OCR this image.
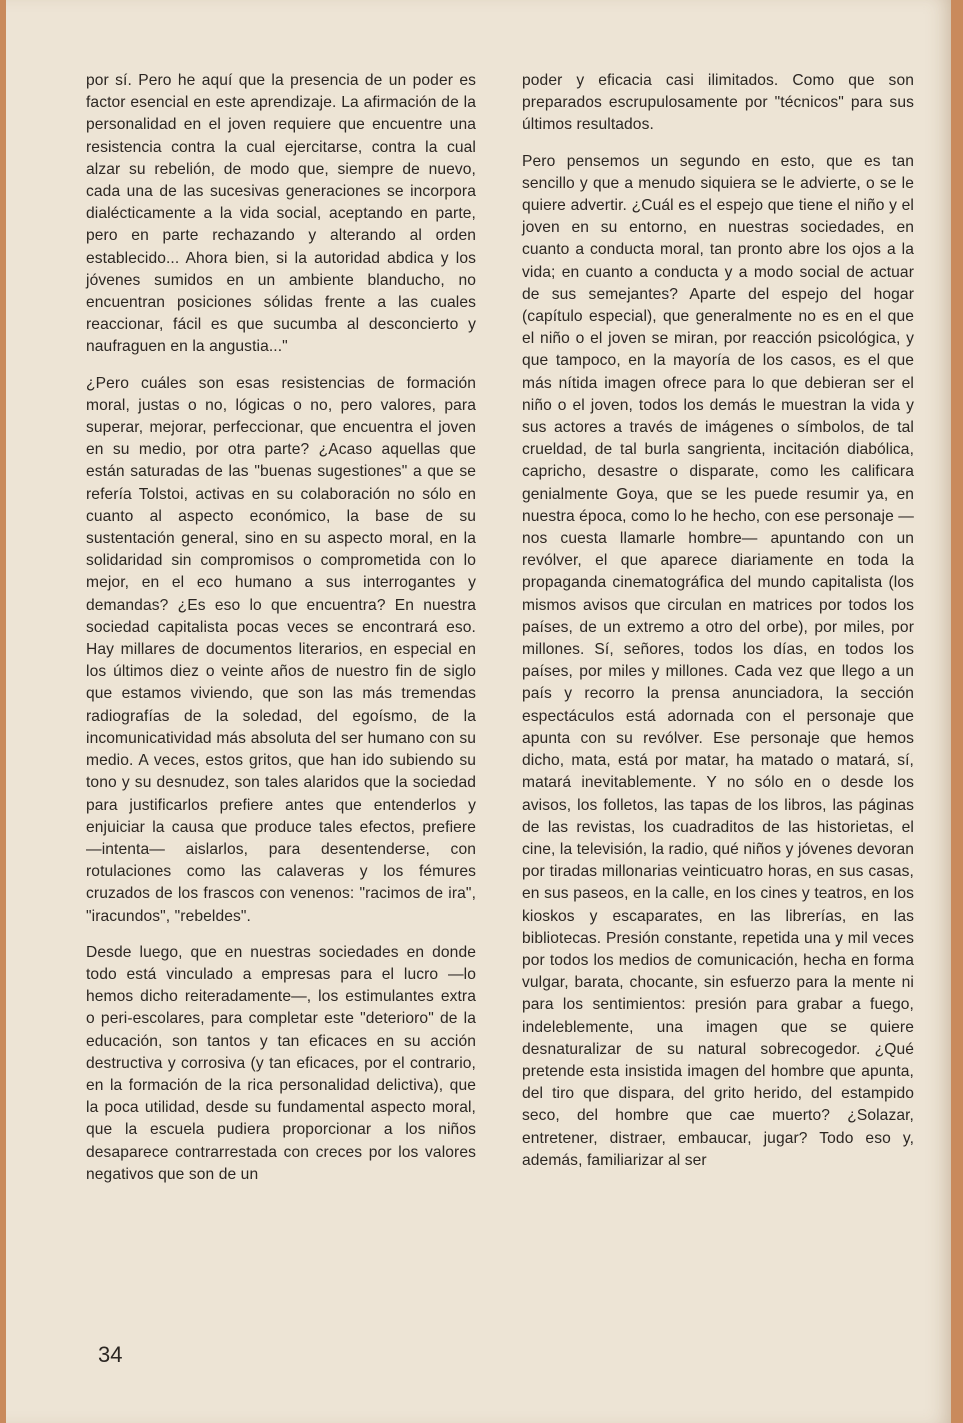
por sí. Pero he aquí que la presencia de un poder es factor esencial en este aprendizaje. La afirmación de la personalidad en el joven requiere que encuentre una resistencia contra la cual ejercitarse, contra la cual alzar su rebelión, de modo que, siempre de nuevo, cada una de las sucesivas generaciones se incorpora dialécticamente a la vida social, aceptando en parte, pero en parte rechazando y alterando al orden establecido... Ahora bien, si la autoridad abdica y los jóvenes sumidos en un ambiente blanducho, no encuentran posiciones sólidas frente a las cuales reaccionar, fácil es que sucumba al desconcierto y naufraguen en la angustia..."

¿Pero cuáles son esas resistencias de formación moral, justas o no, lógicas o no, pero valores, para superar, mejorar, perfeccionar, que encuentra el joven en su medio, por otra parte? ¿Acaso aquellas que están saturadas de las "buenas sugestiones" a que se refería Tolstoi, activas en su colaboración no sólo en cuanto al aspecto económico, la base de su sustentación general, sino en su aspecto moral, en la solidaridad sin compromisos o comprometida con lo mejor, en el eco humano a sus interrogantes y demandas? ¿Es eso lo que encuentra? En nuestra sociedad capitalista pocas veces se encontrará eso. Hay millares de documentos literarios, en especial en los últimos diez o veinte años de nuestro fin de siglo que estamos viviendo, que son las más tremendas radiografías de la soledad, del egoísmo, de la incomunicatividad más absoluta del ser humano con su medio. A veces, estos gritos, que han ido subiendo su tono y su desnudez, son tales alaridos que la sociedad para justificarlos prefiere antes que entenderlos y enjuiciar la causa que produce tales efectos, prefiere —intenta— aislarlos, para desentenderse, con rotulaciones como las calaveras y los fémures cruzados de los frascos con venenos: "racimos de ira", "iracundos", "rebeldes".

Desde luego, que en nuestras sociedades en donde todo está vinculado a empresas para el lucro —lo hemos dicho reiteradamente—, los estimulantes extra o peri-escolares, para completar este "deterioro" de la educación, son tantos y tan eficaces en su acción destructiva y corrosiva (y tan eficaces, por el contrario, en la formación de la rica personalidad delictiva), que la poca utilidad, desde su fundamental aspecto moral, que la escuela pudiera proporcionar a los niños desaparece contrarrestada con creces por los valores negativos que son de un

poder y eficacia casi ilimitados. Como que son preparados escrupulosamente por "técnicos" para sus últimos resultados.

Pero pensemos un segundo en esto, que es tan sencillo y que a menudo siquiera se le advierte, o se le quiere advertir. ¿Cuál es el espejo que tiene el niño y el joven en su entorno, en nuestras sociedades, en cuanto a conducta moral, tan pronto abre los ojos a la vida; en cuanto a conducta y a modo social de actuar de sus semejantes? Aparte del espejo del hogar (capítulo especial), que generalmente no es en el que el niño o el joven se miran, por reacción psicológica, y que tampoco, en la mayoría de los casos, es el que más nítida imagen ofrece para lo que debieran ser el niño o el joven, todos los demás le muestran la vida y sus actores a través de imágenes o símbolos, de tal crueldad, de tal burla sangrienta, incitación diabólica, capricho, desastre o disparate, como les calificara genialmente Goya, que se les puede resumir ya, en nuestra época, como lo he hecho, con ese personaje —nos cuesta llamarle hombre— apuntando con un revólver, el que aparece diariamente en toda la propaganda cinematográfica del mundo capitalista (los mismos avisos que circulan en matrices por todos los países, de un extremo a otro del orbe), por miles, por millones. Sí, señores, todos los días, en todos los países, por miles y millones. Cada vez que llego a un país y recorro la prensa anunciadora, la sección espectáculos está adornada con el personaje que apunta con su revólver. Ese personaje que hemos dicho, mata, está por matar, ha matado o matará, sí, matará inevitablemente. Y no sólo en o desde los avisos, los folletos, las tapas de los libros, las páginas de las revistas, los cuadraditos de las historietas, el cine, la televisión, la radio, qué niños y jóvenes devoran por tiradas millonarias veinticuatro horas, en sus casas, en sus paseos, en la calle, en los cines y teatros, en los kioskos y escaparates, en las librerías, en las bibliotecas. Presión constante, repetida una y mil veces por todos los medios de comunicación, hecha en forma vulgar, barata, chocante, sin esfuerzo para la mente ni para los sentimientos: presión para grabar a fuego, indeleblemente, una imagen que se quiere desnaturalizar de su natural sobrecogedor. ¿Qué pretende esta insistida imagen del hombre que apunta, del tiro que dispara, del grito herido, del estampido seco, del hombre que cae muerto? ¿Solazar, entretener, distraer, embaucar, jugar? Todo eso y, además, familiarizar al ser

34
